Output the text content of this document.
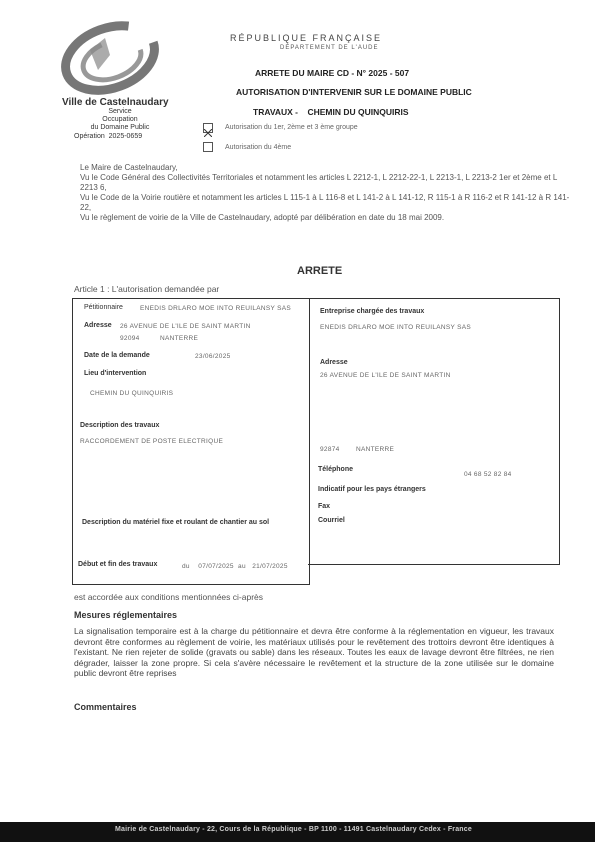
Ville de Castelnaudary
Service Occupation
du Domaine Public
Opération 2025-0659
RÉPUBLIQUE FRANÇAISE
DÉPARTEMENT DE L'AUDE
ARRETE DU MAIRE CD - N° 2025 - 507
AUTORISATION D'INTERVENIR SUR LE DOMAINE PUBLIC
TRAVAUX - CHEMIN DU QUINQUIRIS
Autorisation du 1er, 2ème et 3 ème groupe
Autorisation du 4ème
Le Maire de Castelnaudary,
Vu le Code Général des Collectivités Territoriales et notamment les articles L 2212-1, L 2212-22-1, L 2213-1, L 2213-2 1er et 2ème et L 2213 6,
Vu le Code de la Voirie routière et notamment les articles L 115-1 à L 116-8 et L 141-2 à L 141-12, R 115-1 à R 116-2 et R 141-12 à R 141-22,
Vu le règlement de voirie de la Ville de Castelnaudary, adopté par délibération en date du 18 mai 2009.
ARRETE
Article 1 : L'autorisation demandée par
Pétitionnaire	ENEDIS DRLARO MOE INTO REUILANSY SAS
Adresse 26 AVENUE DE L'ILE DE SAINT MARTIN
92094	NANTERRE
Date de la demande	23/06/2025
Lieu d'intervention
CHEMIN DU QUINQUIRIS
Description des travaux
RACCORDEMENT DE POSTE ELECTRIQUE
Description du matériel fixe et roulant de chantier au sol
Début et fin des travaux	du 07/07/2025 au 21/07/2025
Entreprise chargée des travaux
ENEDIS DRLARO MOE INTO REUILANSY SAS
Adresse
26 AVENUE DE L'ILE DE SAINT MARTIN
92874	NANTERRE
Téléphone
04 68 52 82 84
Indicatif pour les pays étrangers
Fax
Courriel
est accordée aux conditions mentionnées ci-après
Mesures réglementaires
La signalisation temporaire est à la charge du pétitionnaire et devra être conforme à la réglementation en vigueur, les travaux devront être conformes au règlement de voirie, les matériaux utilisés pour le revêtement des trottoirs devront être identiques à l'existant. Ne rien rejeter de solide (gravats ou sable) dans les réseaux. Toutes les eaux de lavage devront être filtrées, ne rien dégrader, laisser la zone propre. Si cela s'avère nécessaire le revêtement et la structure de la zone utilisée sur le domaine public devront être reprises
Commentaires
Mairie de Castelnaudary - 22, Cours de la République - BP 1100 - 11491 Castelnaudary Cedex - France
